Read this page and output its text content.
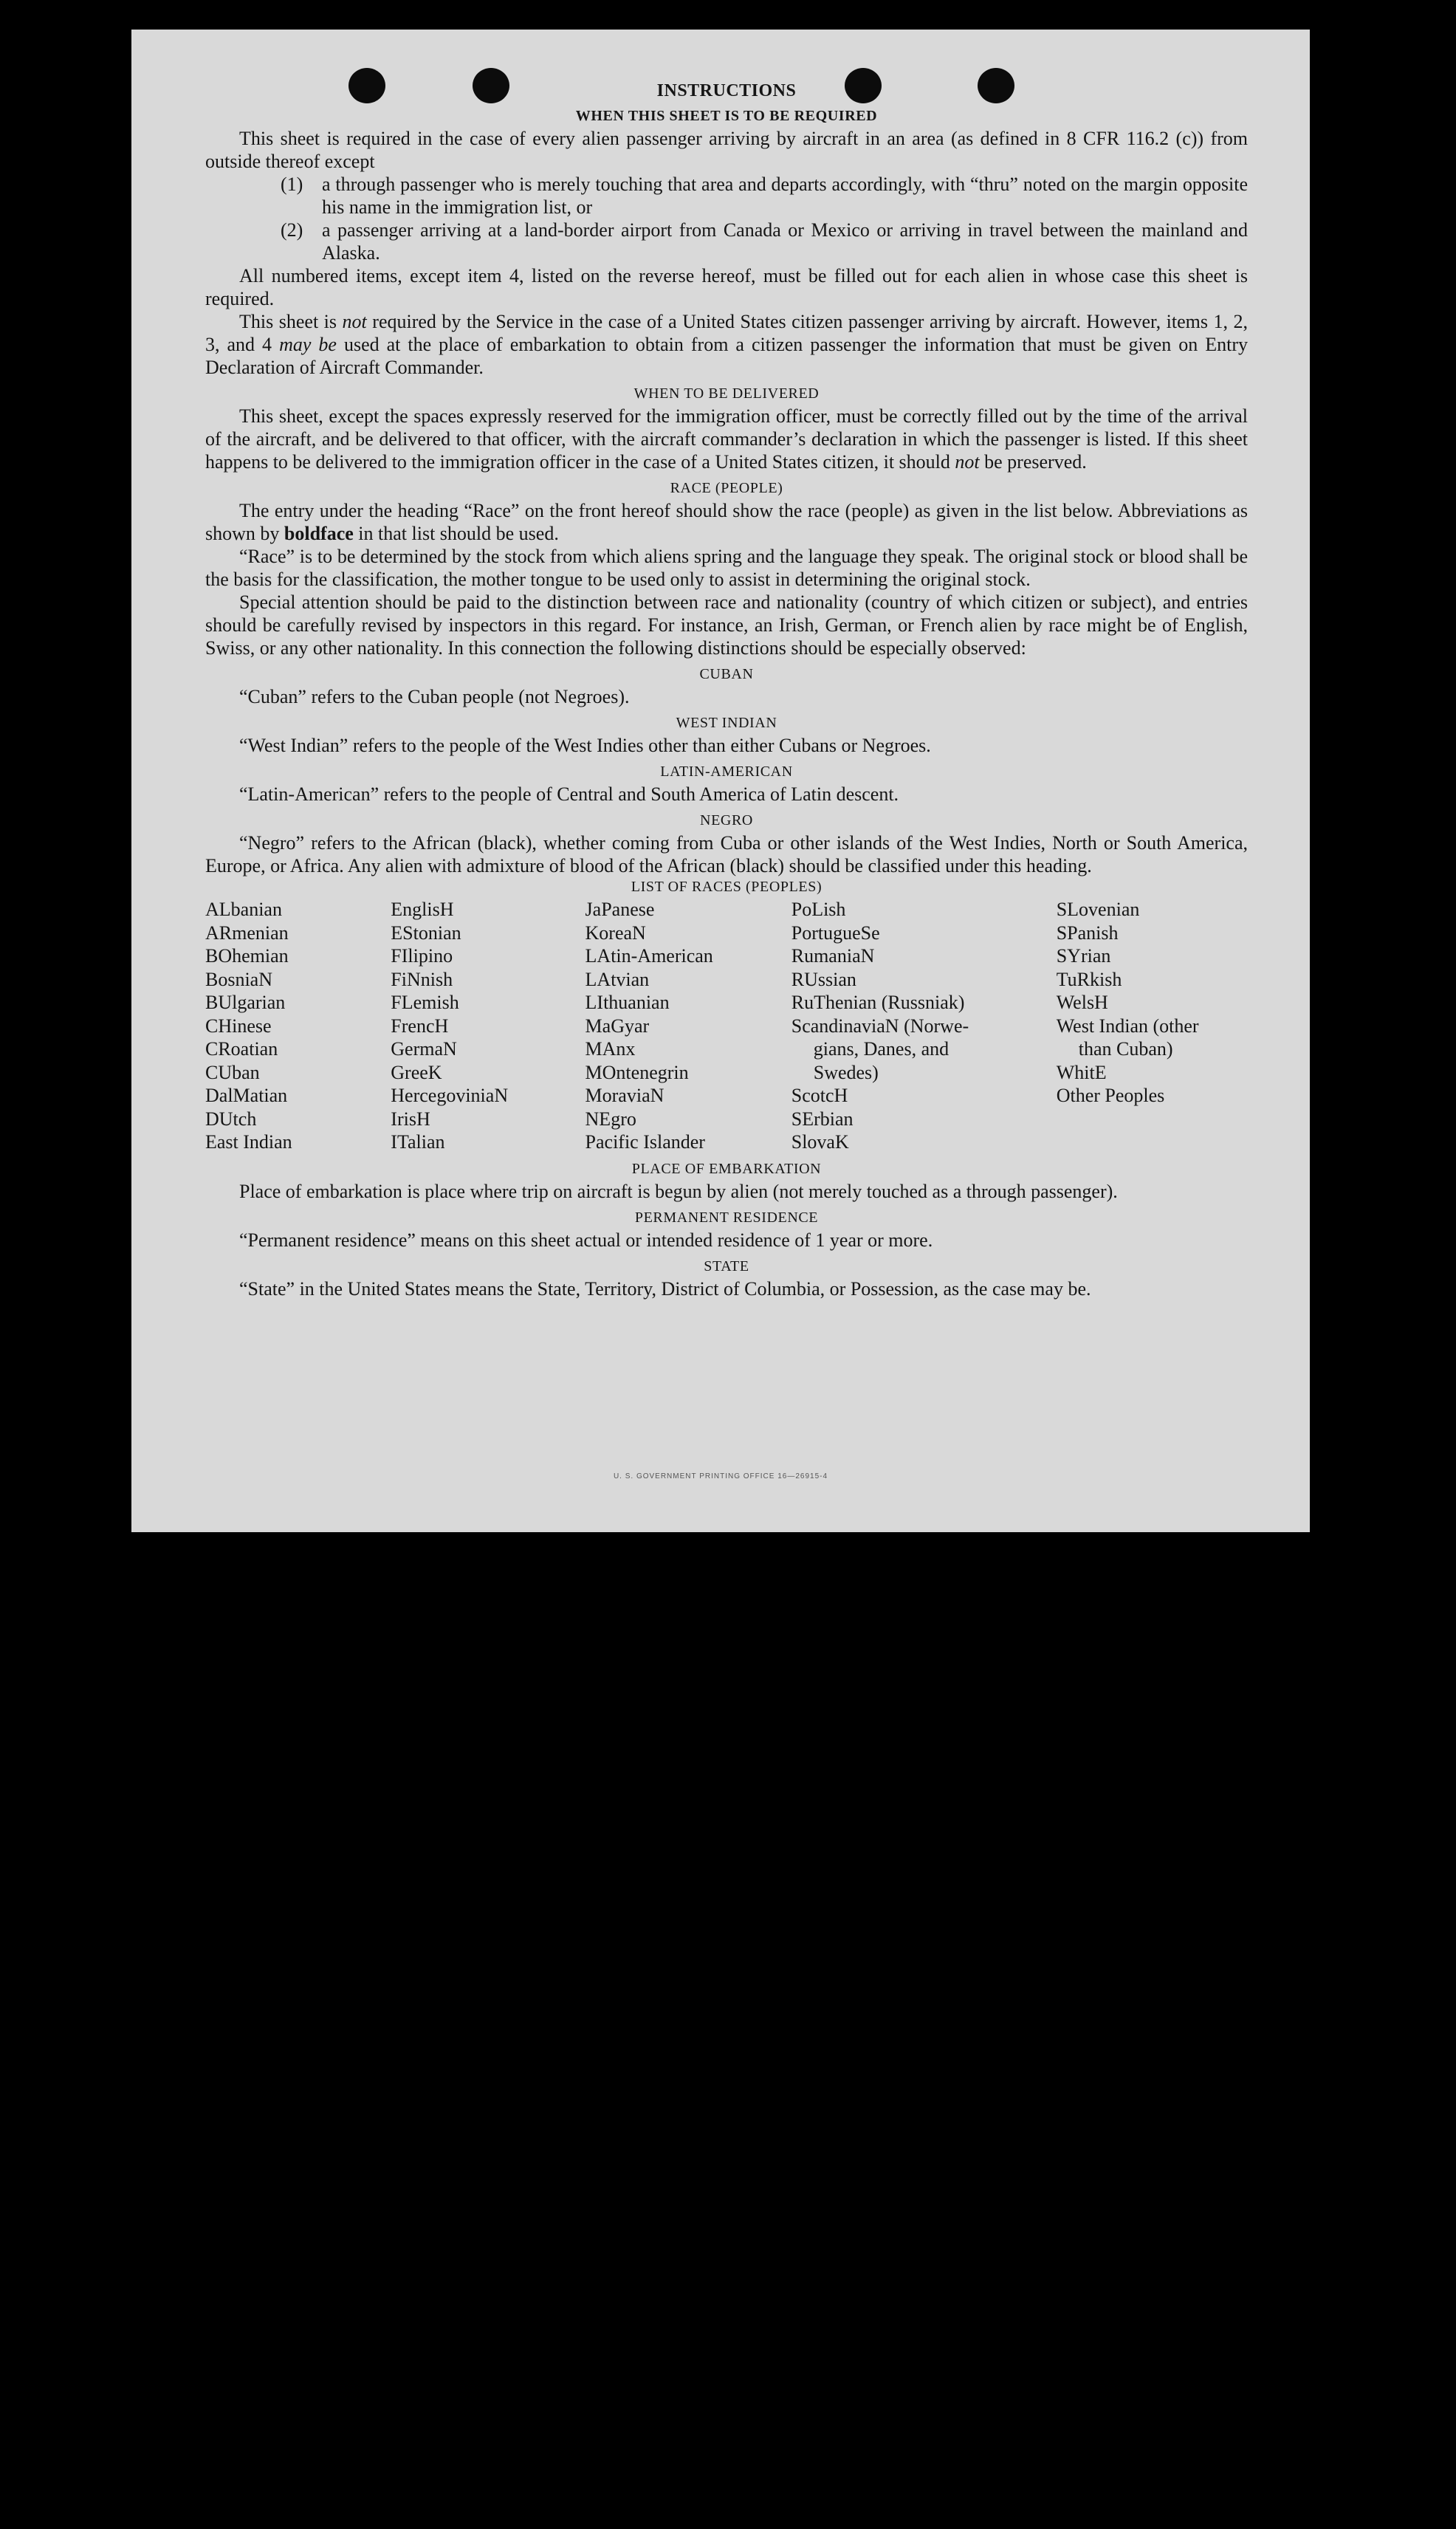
INSTRUCTIONS
WHEN THIS SHEET IS TO BE REQUIRED

This sheet is required in the case of every alien passenger arriving by aircraft in an area (as defined in 8 CFR 116.2 (c)) from outside thereof except

(1) a through passenger who is merely touching that area and departs accordingly, with “thru” noted on the margin opposite his name in the immigration list, or
(2) a passenger arriving at a land-border airport from Canada or Mexico or arriving in travel between the mainland and Alaska.

All numbered items, except item 4, listed on the reverse hereof, must be filled out for each alien in whose case this sheet is required.

This sheet is not required by the Service in the case of a United States citizen passenger arriving by aircraft. However, items 1, 2, 3, and 4 may be used at the place of embarkation to obtain from a citizen passenger the information that must be given on Entry Declaration of Aircraft Commander.

WHEN TO BE DELIVERED

This sheet, except the spaces expressly reserved for the immigration officer, must be correctly filled out by the time of the arrival of the aircraft, and be delivered to that officer, with the aircraft commander’s declaration in which the passenger is listed. If this sheet happens to be delivered to the immigration officer in the case of a United States citizen, it should not be preserved.

RACE (PEOPLE)

The entry under the heading “Race” on the front hereof should show the race (people) as given in the list below. Abbreviations as shown by boldface in that list should be used.

“Race” is to be determined by the stock from which aliens spring and the language they speak. The original stock or blood shall be the basis for the classification, the mother tongue to be used only to assist in determining the original stock.

Special attention should be paid to the distinction between race and nationality (country of which citizen or subject), and entries should be carefully revised by inspectors in this regard. For instance, an Irish, German, or French alien by race might be of English, Swiss, or any other nationality. In this connection the following distinctions should be especially observed:

CUBAN

“Cuban” refers to the Cuban people (not Negroes).

WEST INDIAN

“West Indian” refers to the people of the West Indies other than either Cubans or Negroes.

LATIN-AMERICAN

“Latin-American” refers to the people of Central and South America of Latin descent.

NEGRO

“Negro” refers to the African (black), whether coming from Cuba or other islands of the West Indies, North or South America, Europe, or Africa. Any alien with admixture of blood of the African (black) should be classified under this heading.

LIST OF RACES (PEOPLES)
ALbanian
ARmenian
BOhemian
BosniaN
BUlgarian
CHinese
CRoatian
CUban
DalMatian
DUtch
East Indian
EnglisH
EStonian
FIlipino
FiNnish
FLemish
FrencH
GermaN
GreeK
HercegoviniaN
IrisH
ITalian
JaPanese
KoreaN
LAtin-American
LAtvian
LIthuanian
MaGyar
MAnx
MOntenegrin
MoraviaN
NEgro
Pacific Islander
PoLish
PortugueSe
RumaniaN
RUssian
RuThenian (Russniak)
ScandinaviaN (Norwe-
gians, Danes, and
Swedes)
ScotcH
SErbian
SlovaK
SLovenian
SPanish
SYrian
TuRkish
WelsH
West Indian (other
than Cuban)
WhitE
Other Peoples
PLACE OF EMBARKATION

Place of embarkation is place where trip on aircraft is begun by alien (not merely touched as a through passenger).

PERMANENT RESIDENCE

“Permanent residence” means on this sheet actual or intended residence of 1 year or more.

STATE

“State” in the United States means the State, Territory, District of Columbia, or Possession, as the case may be.

U. S. GOVERNMENT PRINTING OFFICE 16—26915-4
